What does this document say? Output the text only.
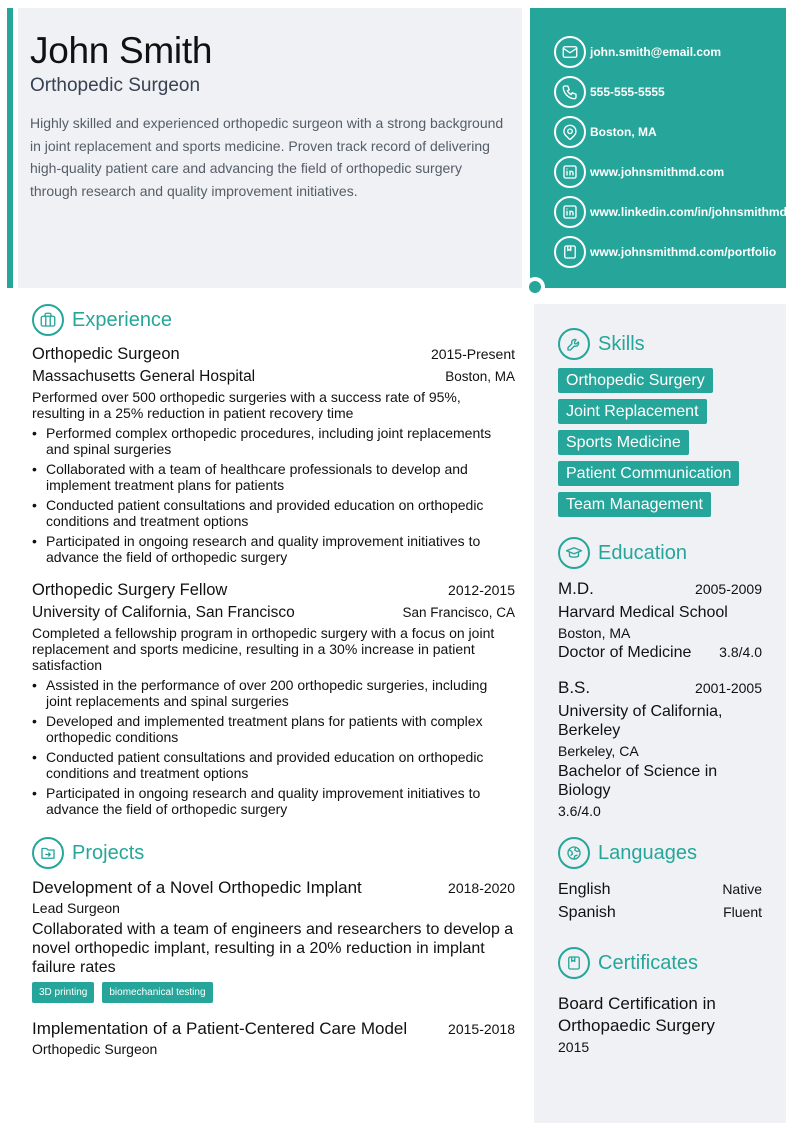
John Smith
Orthopedic Surgeon
Highly skilled and experienced orthopedic surgeon with a strong background in joint replacement and sports medicine. Proven track record of delivering high-quality patient care and advancing the field of orthopedic surgery through research and quality improvement initiatives.
john.smith@email.com
555-555-5555
Boston, MA
www.johnsmithmd.com
www.linkedin.com/in/johnsmithmd
www.johnsmithmd.com/portfolio
Experience
Orthopedic Surgeon	2015-Present
Massachusetts General Hospital	Boston, MA
Performed over 500 orthopedic surgeries with a success rate of 95%, resulting in a 25% reduction in patient recovery time
• Performed complex orthopedic procedures, including joint replacements and spinal surgeries
• Collaborated with a team of healthcare professionals to develop and implement treatment plans for patients
• Conducted patient consultations and provided education on orthopedic conditions and treatment options
• Participated in ongoing research and quality improvement initiatives to advance the field of orthopedic surgery
Orthopedic Surgery Fellow	2012-2015
University of California, San Francisco	San Francisco, CA
Completed a fellowship program in orthopedic surgery with a focus on joint replacement and sports medicine, resulting in a 30% increase in patient satisfaction
• Assisted in the performance of over 200 orthopedic surgeries, including joint replacements and spinal surgeries
• Developed and implemented treatment plans for patients with complex orthopedic conditions
• Conducted patient consultations and provided education on orthopedic conditions and treatment options
• Participated in ongoing research and quality improvement initiatives to advance the field of orthopedic surgery
Projects
Development of a Novel Orthopedic Implant	2018-2020
Lead Surgeon
Collaborated with a team of engineers and researchers to develop a novel orthopedic implant, resulting in a 20% reduction in implant failure rates
3D printing	biomechanical testing
Implementation of a Patient-Centered Care Model	2015-2018
Orthopedic Surgeon
Skills
Orthopedic Surgery
Joint Replacement
Sports Medicine
Patient Communication
Team Management
Education
M.D.	2005-2009
Harvard Medical School
Boston, MA
Doctor of Medicine 3.8/4.0
B.S.	2001-2005
University of California, Berkeley
Berkeley, CA
Bachelor of Science in Biology
3.6/4.0
Languages
English	Native
Spanish	Fluent
Certificates
Board Certification in Orthopaedic Surgery
2015
